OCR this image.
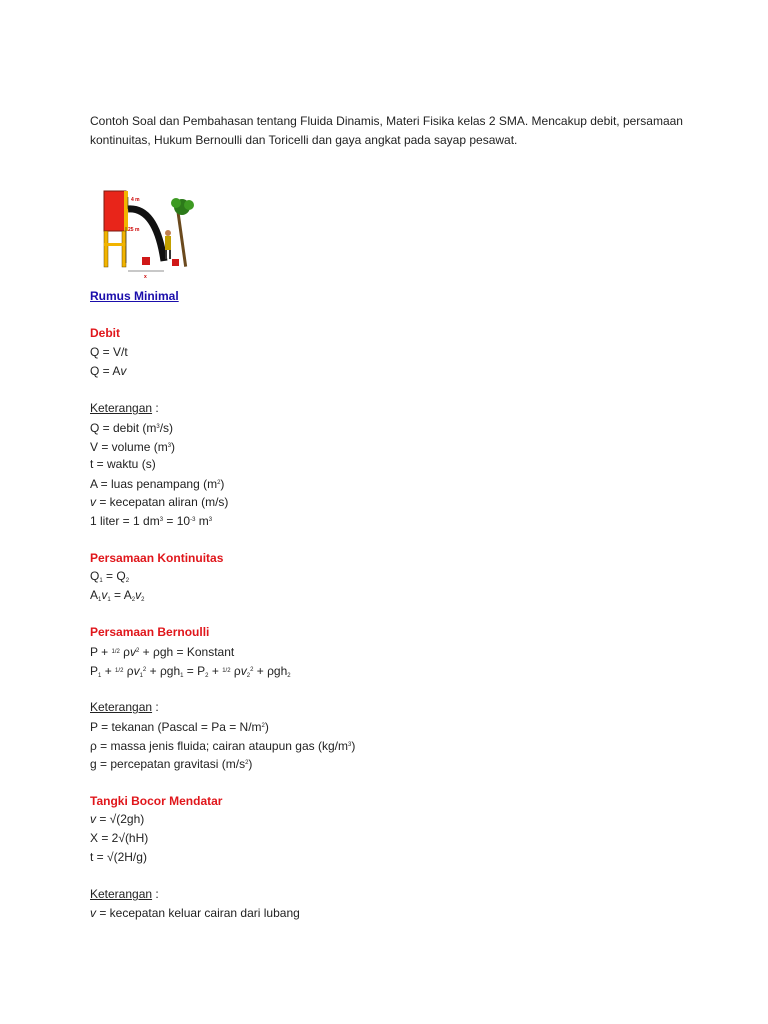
Contoh Soal dan Pembahasan tentang Fluida Dinamis, Materi Fisika kelas 2 SMA. Mencakup debit, persamaan kontinuitas, Hukum Bernoulli dan Toricelli dan gaya angkat pada sayap pesawat.

4 m
25 m
x
Rumus Minimal
Debit
Q = V/t
Q = Av
Keterangan :
Q = debit $(m^3/s)$
V = volume $(m^3)$
t = waktu (s)
A = luas penampang $(m^2)$
v = kecepatan aliran (m/s)
1 liter = 1 $dm^3 = 10^{-3}$ $m^3$
Persamaan Kontinuitas
$Q_1 = Q_2$
$A_1v_1 = A_2v_2$
Persamaan Bernoulli
P + $^{1/2}$ $\rho v^2 + \rho gh$ = Konstant
$P_1 + ^{1/2}$ $\rho v_1^2 + \rho gh_1 = P_2 + ^{1/2}$ $\rho v_2^2 + \rho gh_2$
Keterangan :
P = tekanan (Pascal = $Pa = N/m^2$)
ρ = massa jenis fluida; cairan ataupun gas $(kg/m^3)$
g = percepatan gravitasi $(m/s^2)$
Tangki Bocor Mendatar
v = √(2gh)
X = 2√(hH)
t = √(2H/g)
Keterangan :
v = kecepatan keluar cairan dari lubang
